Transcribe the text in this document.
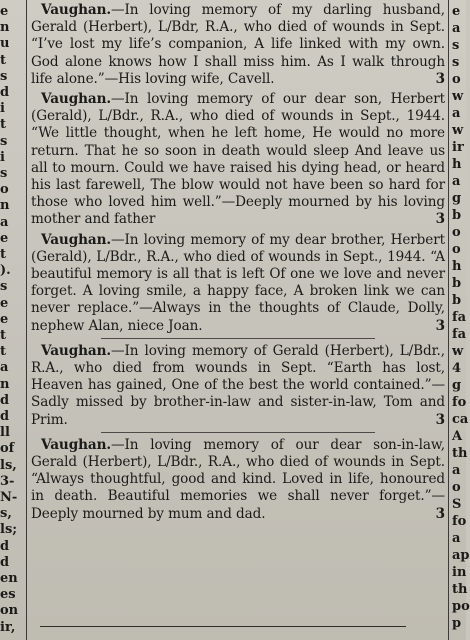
e
n
u
t
s
d
i
t
s
i
s
o
n
a
e
t
).
s
e
e
t
t
a
n
d
d
ll
of
ls,
3-
N-
s,
ls;
d
d
en
es
on
ir,

Vaughan.—In loving memory of my darling husband, Gerald (Herbert), L/Bdr, R.A., who died of wounds in Sept. “I’ve lost my life’s companion, A life linked with my own. God alone knows how I shall miss him. As I walk through life alone.”—His loving wife, Cavell.	3

Vaughan.—In loving memory of our dear son, Herbert (Gerald), L/Bdr., R.A., who died of wounds in Sept., 1944. “We little thought, when he left home, He would no more return. That he so soon in death would sleep And leave us all to mourn. Could we have raised his dying head, or heard his last farewell, The blow would not have been so hard for those who loved him well.”—Deeply mourned by his loving mother and father	3

Vaughan.—In loving memory of my dear brother, Herbert (Gerald), L/Bdr., R.A., who died of wounds in Sept., 1944. “A beautiful memory is all that is left Of one we love and never forget. A loving smile, a happy face, A broken link we can never replace.”—Always in the thoughts of Claude, Dolly, nephew Alan, niece Joan.	3

Vaughan.—In loving memory of Gerald (Herbert), L/Bdr., R.A., who died from wounds in Sept. “Earth has lost, Heaven has gained, One of the best the world contained.”—Sadly missed by brother-in-law and sister-in-law, Tom and Prim.	3

Vaughan.—In loving memory of our dear son-in-law, Gerald (Herbert), L/Bdr., R.A., who died of wounds in Sept. “Always thoughtful, good and kind. Loved in life, honoured in death. Beautiful memories we shall never forget.”—Deeply mourned by mum and dad.	3

e
a
s
s
o
w
a
w
ir
h
a
g
b
o
o
h
b
b
fa
fa
w
4
g
fo
ca
A
th
a
o
S
fo
a
ap
in
th
po
p
